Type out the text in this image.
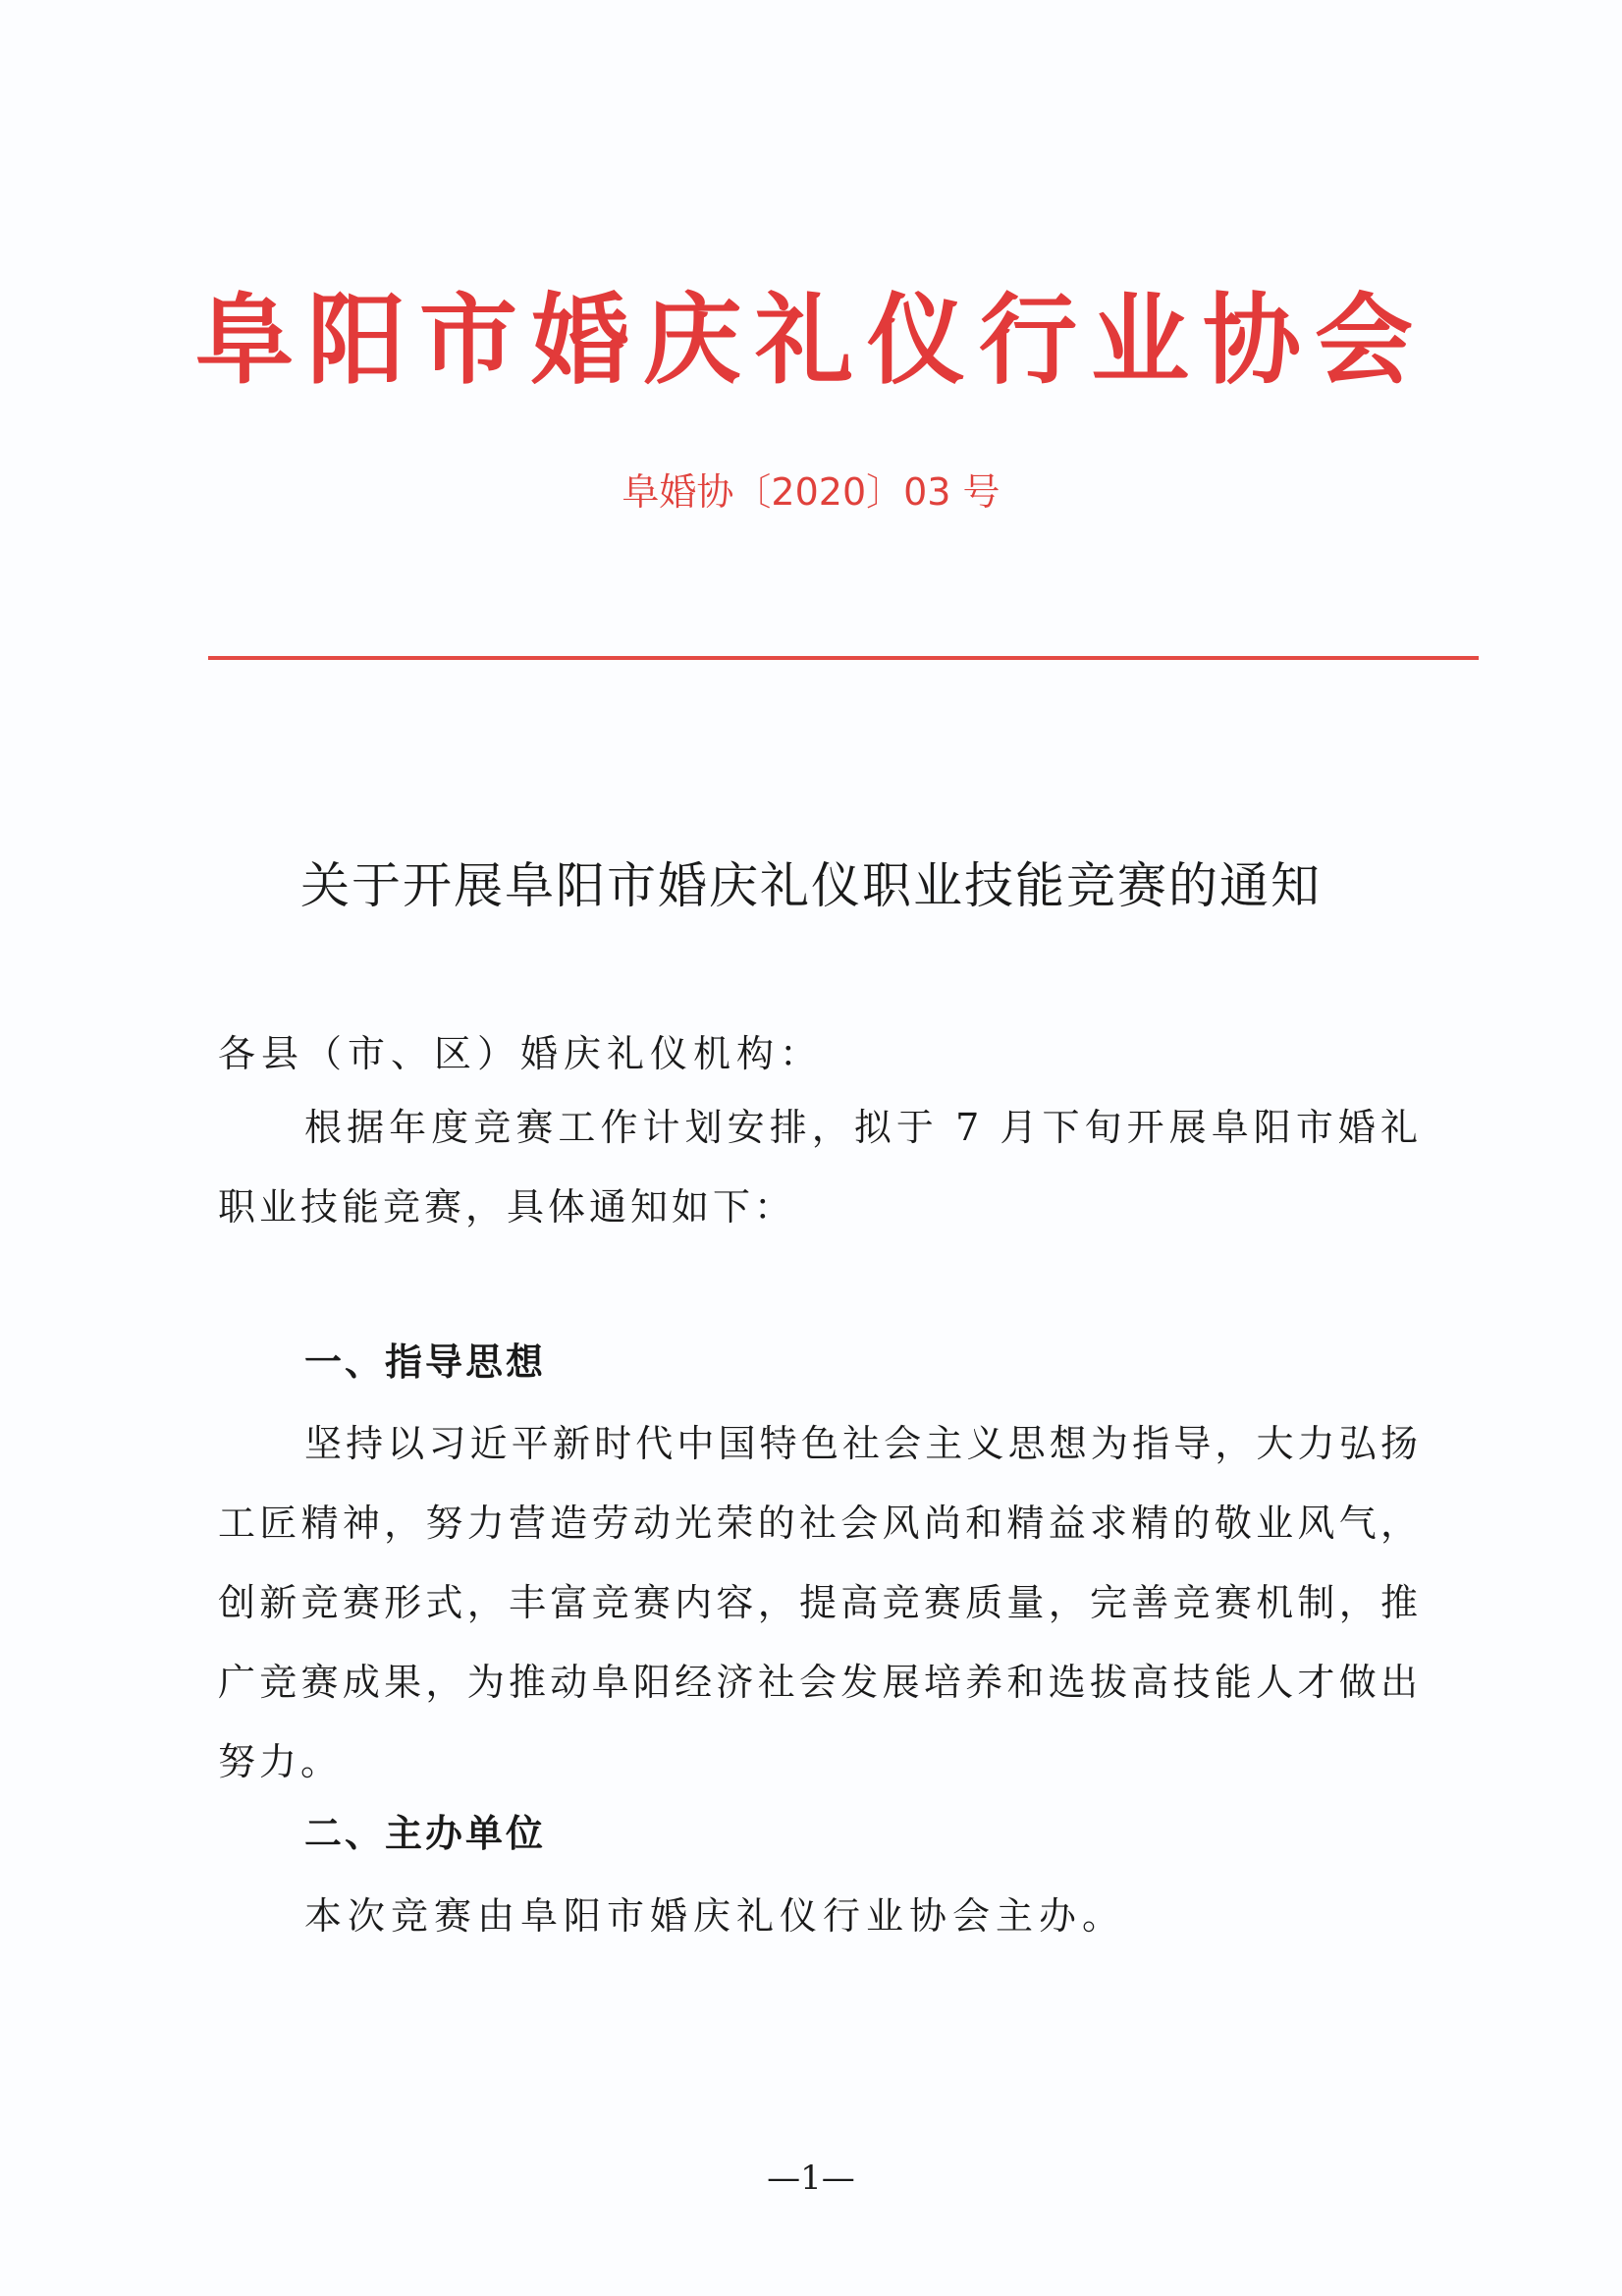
阜阳市婚庆礼仪行业协会
阜婚协〔2020〕03 号
关于开展阜阳市婚庆礼仪职业技能竞赛的通知
各县（市、区）婚庆礼仪机构：
根据年度竞赛工作计划安排，拟于 7 月下旬开展阜阳市婚礼职业技能竞赛，具体通知如下：
一、指导思想
坚持以习近平新时代中国特色社会主义思想为指导，大力弘扬工匠精神，努力营造劳动光荣的社会风尚和精益求精的敬业风气，创新竞赛形式，丰富竞赛内容，提高竞赛质量，完善竞赛机制，推广竞赛成果，为推动阜阳经济社会发展培养和选拔高技能人才做出努力。
二、主办单位
本次竞赛由阜阳市婚庆礼仪行业协会主办。
—1—
